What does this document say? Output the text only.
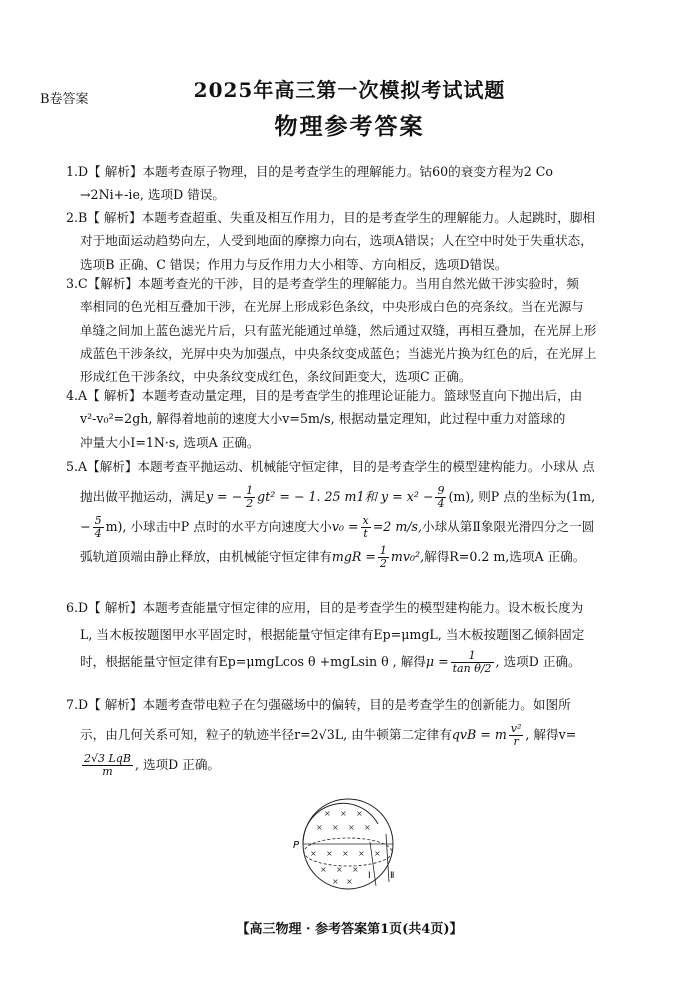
B卷答案	2025年高三第一次模拟考试试题
物理参考答案
1.D【 解析】本题考查原子物理，目的是考查学生的理解能力。钴60的衰变方程为2 Co
→2Ni+-ie, 选项D 错误。
2.B【 解析】本题考查超重、失重及相互作用力，目的是考查学生的理解能力。人起跳时，脚相
对于地面运动趋势向左，人受到地面的摩擦力向右，选项A错误；人在空中时处于失重状态，
选项B 正确、C 错误；作用力与反作用力大小相等、方向相反，选项D错误。
3.C【解析】本题考查光的干涉，目的是考查学生的理解能力。当用自然光做干涉实验时，频
率相同的色光相互叠加干涉，在光屏上形成彩色条纹，中央形成白色的亮条纹。当在光源与
单缝之间加上蓝色滤光片后，只有蓝光能通过单缝，然后通过双缝，再相互叠加，在光屏上形
成蓝色干涉条纹，光屏中央为加强点，中央条纹变成蓝色；当滤光片换为红色的后，在光屏上
形成红色干涉条纹，中央条纹变成红色，条纹间距变大，选项C 正确。
4.A【 解析】本题考查动量定理，目的是考查学生的推理论证能力。篮球竖直向下抛出后，由
v²-v₀²=2gh, 解得着地前的速度大小v=5m/s, 根据动量定理知，此过程中重力对篮球的
冲量大小I=1N·s, 选项A 正确。
5.A【解析】本题考查平抛运动、机械能守恒定律，目的是考查学生的模型建构能力。小球从 点
抛出做平抛运动，满足y = − $\frac{1}{2} gt^2$ = − 1. 25 m1和 $y = x^2 - \frac{9}{4} (m)$, 则P 点的坐标为(1m,
− $\frac{5}{4} m$), 小球击中P 点时的水平方向速度大小$v_0 = \frac{x}{t} =2$ m/s,小球从第Ⅱ象限光滑四分之一圆
弧轨道顶端由静止释放，由机械能守恒定律有mgR = $\frac{1}{2} mv_0^2$,解得R=0.2 m,选项A 正确。
6.D【 解析】本题考查能量守恒定律的应用，目的是考查学生的模型建构能力。设木板长度为
L, 当木板按题图甲水平固定时，根据能量守恒定律有Ep=μmgL, 当木板按题图乙倾斜固定
时，根据能量守恒定律有Ep=μmgLcos θ +mgLsin θ , 解得$\mu = \frac{1}{\text{tan θ/2}}$ , 选项D 正确。
7.D【 解析】本题考查带电粒子在匀强磁场中的偏转，目的是考查学生的创新能力。如图所
示，由几何关系可知，粒子的轨迹半径r=2√3L, 由牛顿第二定律有qvB = m $\frac{\text{v²}}{r}$ , 解得v=
$\frac{\text{2√3 LqB}}{m}$ , 选项D 正确。
× × ×
× × × ×
× × × × ×
× × ×
× ×
P
Ⅰ Ⅱ
【高三物理 · 参考答案第1页(共4页)】
